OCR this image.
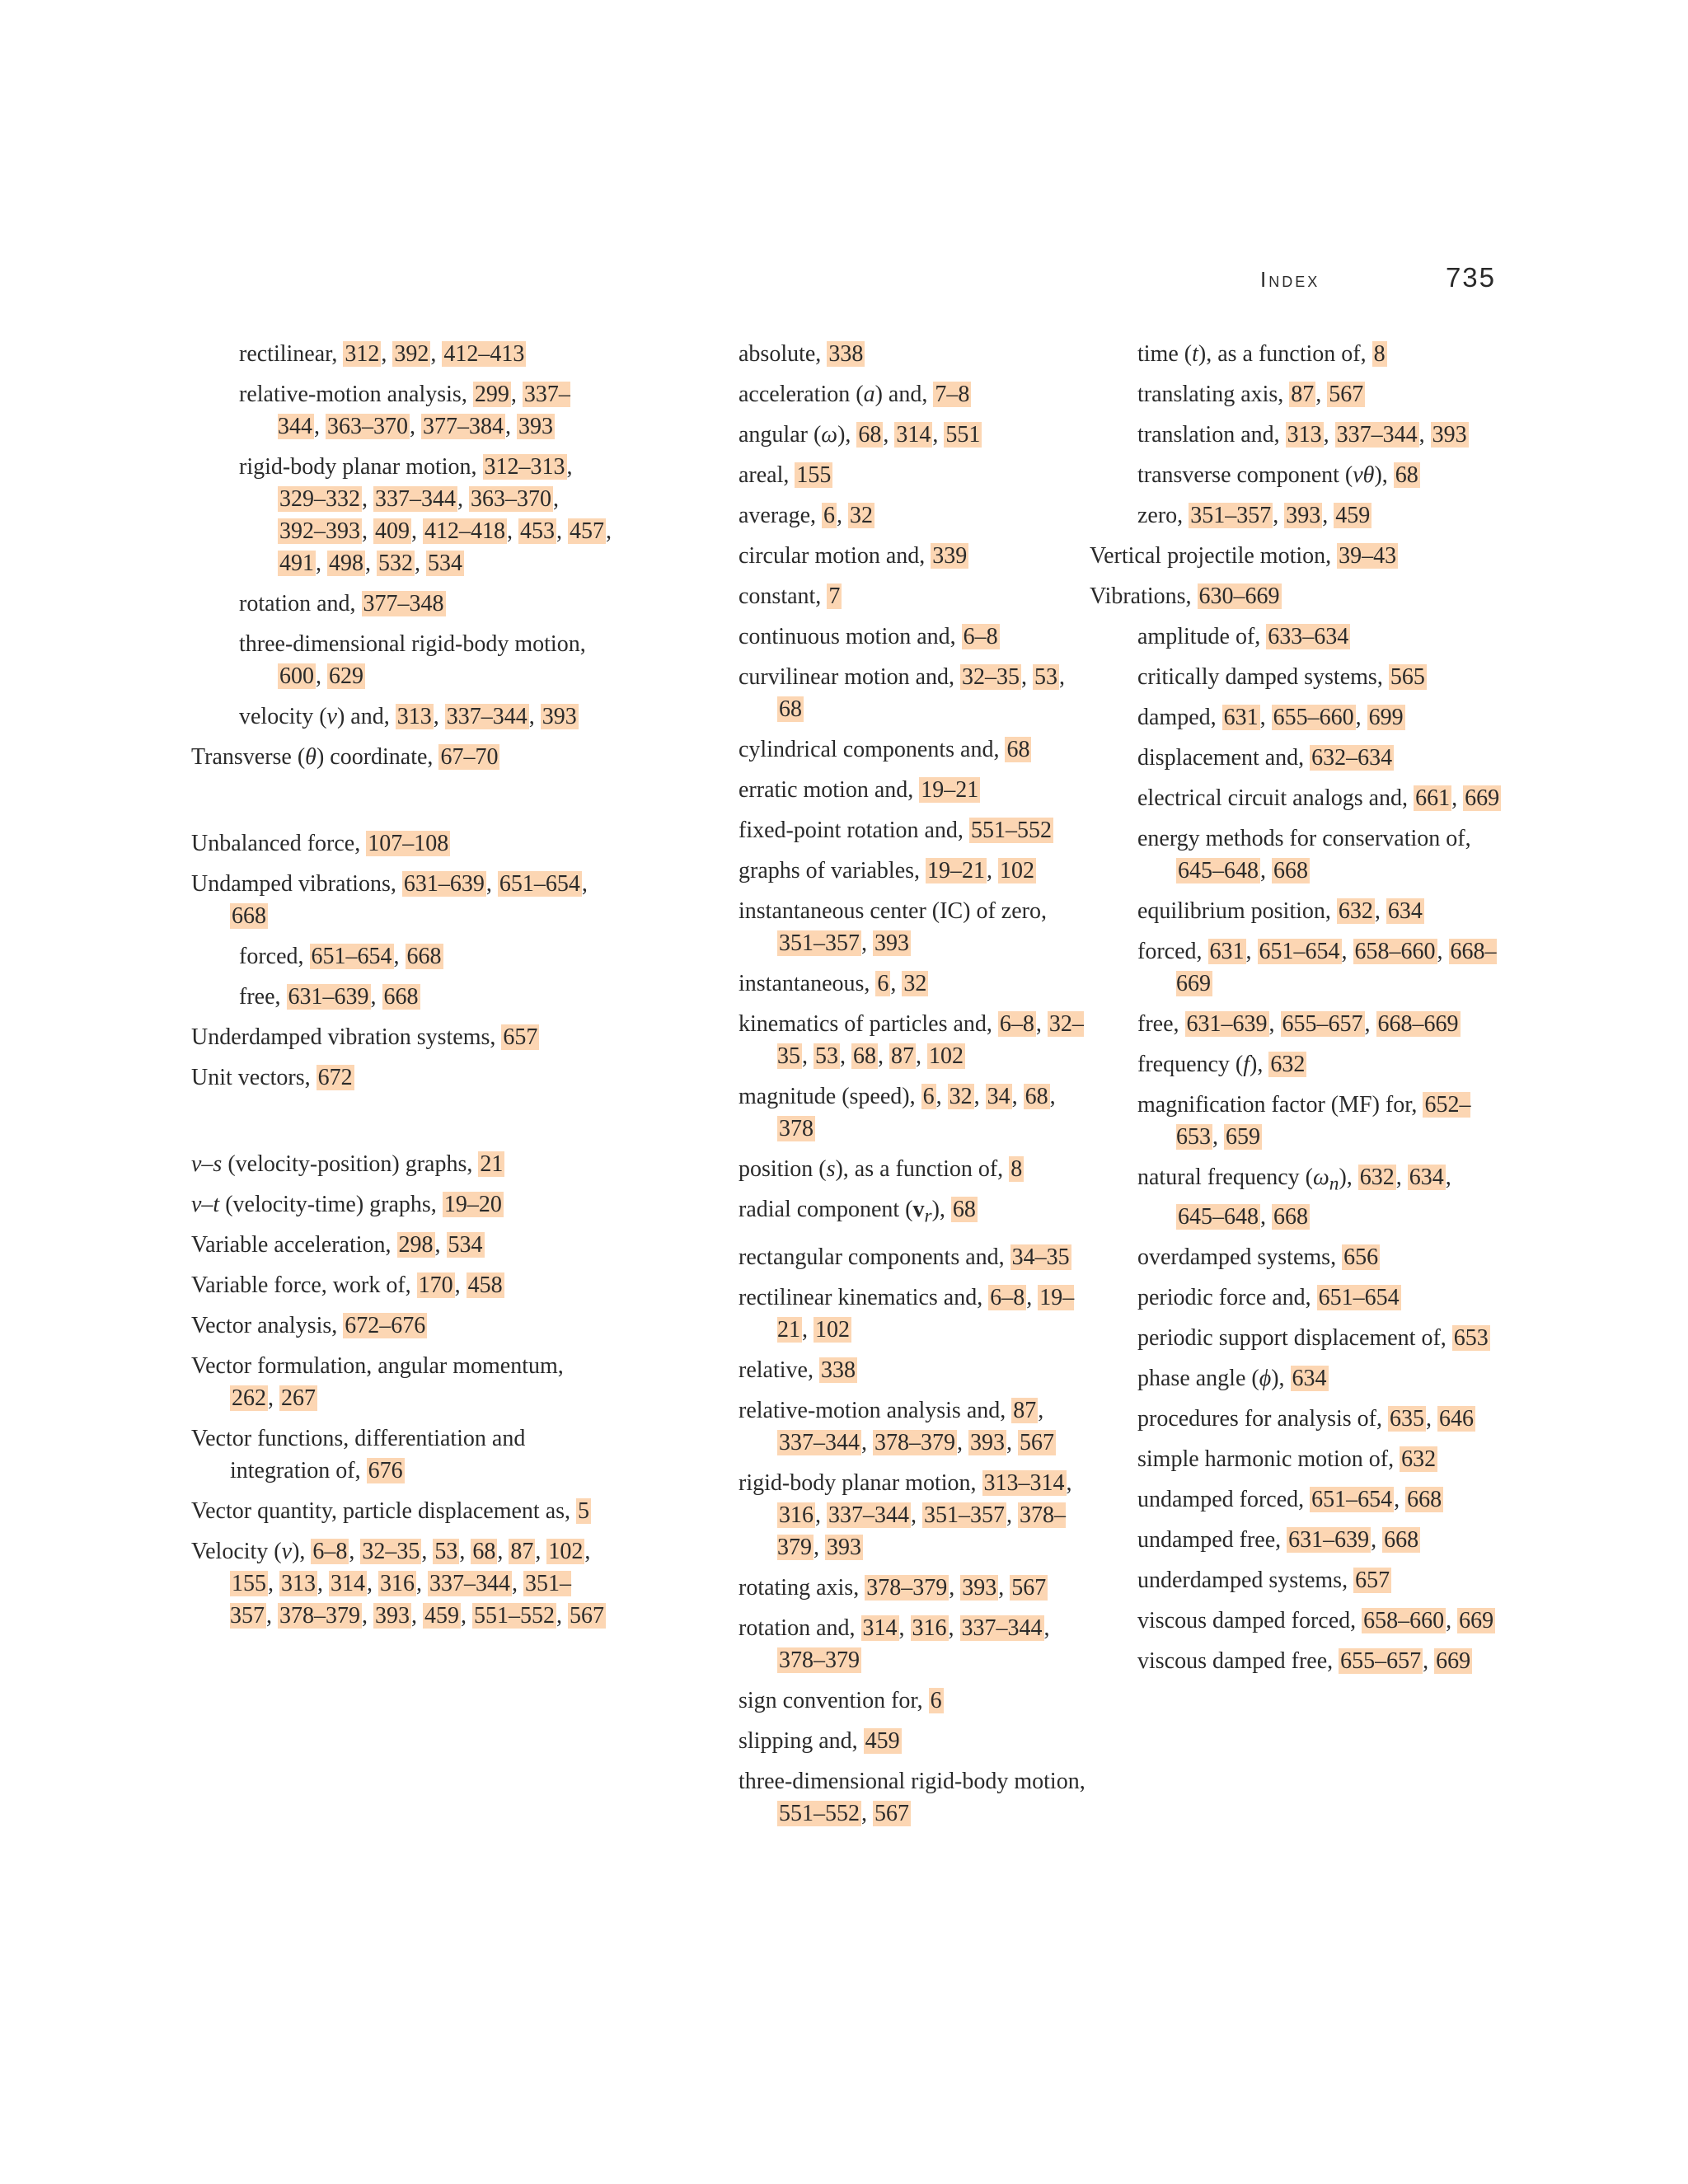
Index	735
rectilinear, 312, 392, 412–413
relative-motion analysis, 299, 337–344, 363–370, 377–384, 393
rigid-body planar motion, 312–313, 329–332, 337–344, 363–370, 392–393, 409, 412–418, 453, 457, 491, 498, 532, 534
rotation and, 377–348
three-dimensional rigid-body motion, 600, 629
velocity (v) and, 313, 337–344, 393
Transverse (θ) coordinate, 67–70
Unbalanced force, 107–108
Undamped vibrations, 631–639, 651–654, 668
forced, 651–654, 668
free, 631–639, 668
Underdamped vibration systems, 657
Unit vectors, 672
v–s (velocity-position) graphs, 21
v–t (velocity-time) graphs, 19–20
Variable acceleration, 298, 534
Variable force, work of, 170, 458
Vector analysis, 672–676
Vector formulation, angular momentum, 262, 267
Vector functions, differentiation and integration of, 676
Vector quantity, particle displacement as, 5
Velocity (v), 6–8, 32–35, 53, 68, 87, 102, 155, 313, 314, 316, 337–344, 351–357, 378–379, 393, 459, 551–552, 567
absolute, 338
acceleration (a) and, 7–8
angular (ω), 68, 314, 551
areal, 155
average, 6, 32
circular motion and, 339
constant, 7
continuous motion and, 6–8
curvilinear motion and, 32–35, 53, 68
cylindrical components and, 68
erratic motion and, 19–21
fixed-point rotation and, 551–552
graphs of variables, 19–21, 102
instantaneous center (IC) of zero, 351–357, 393
instantaneous, 6, 32
kinematics of particles and, 6–8, 32–35, 53, 68, 87, 102
magnitude (speed), 6, 32, 34, 68, 378
position (s), as a function of, 8
radial component $(v_r)$, 68
rectangular components and, 34–35
rectilinear kinematics and, 6–8, 19–21, 102
relative, 338
relative-motion analysis and, 87, 337–344, 378–379, 393, 567
rigid-body planar motion, 313–314, 316, 337–344, 351–357, 378–379, 393
rotating axis, 378–379, 393, 567
rotation and, 314, 316, 337–344, 378–379
sign convention for, 6
slipping and, 459
three-dimensional rigid-body motion, 551–552, 567
time (t), as a function of, 8
translating axis, 87, 567
translation and, 313, 337–344, 393
transverse component (vθ), 68
zero, 351–357, 393, 459
Vertical projectile motion, 39–43
Vibrations, 630–669
amplitude of, 633–634
critically damped systems, 565
damped, 631, 655–660, 699
displacement and, 632–634
electrical circuit analogs and, 661, 669
energy methods for conservation of, 645–648, 668
equilibrium position, 632, 634
forced, 631, 651–654, 658–660, 668–669
free, 631–639, 655–657, 668–669
frequency (f), 632
magnification factor (MF) for, 652–653, 659
natural frequency $(\omega_n)$, 632, 634, 645–648, 668
overdamped systems, 656
periodic force and, 651–654
periodic support displacement of, 653
phase angle (ϕ), 634
procedures for analysis of, 635, 646
simple harmonic motion of, 632
undamped forced, 651–654, 668
undamped free, 631–639, 668
underdamped systems, 657
viscous damped forced, 658–660, 669
viscous damped free, 655–657, 669
